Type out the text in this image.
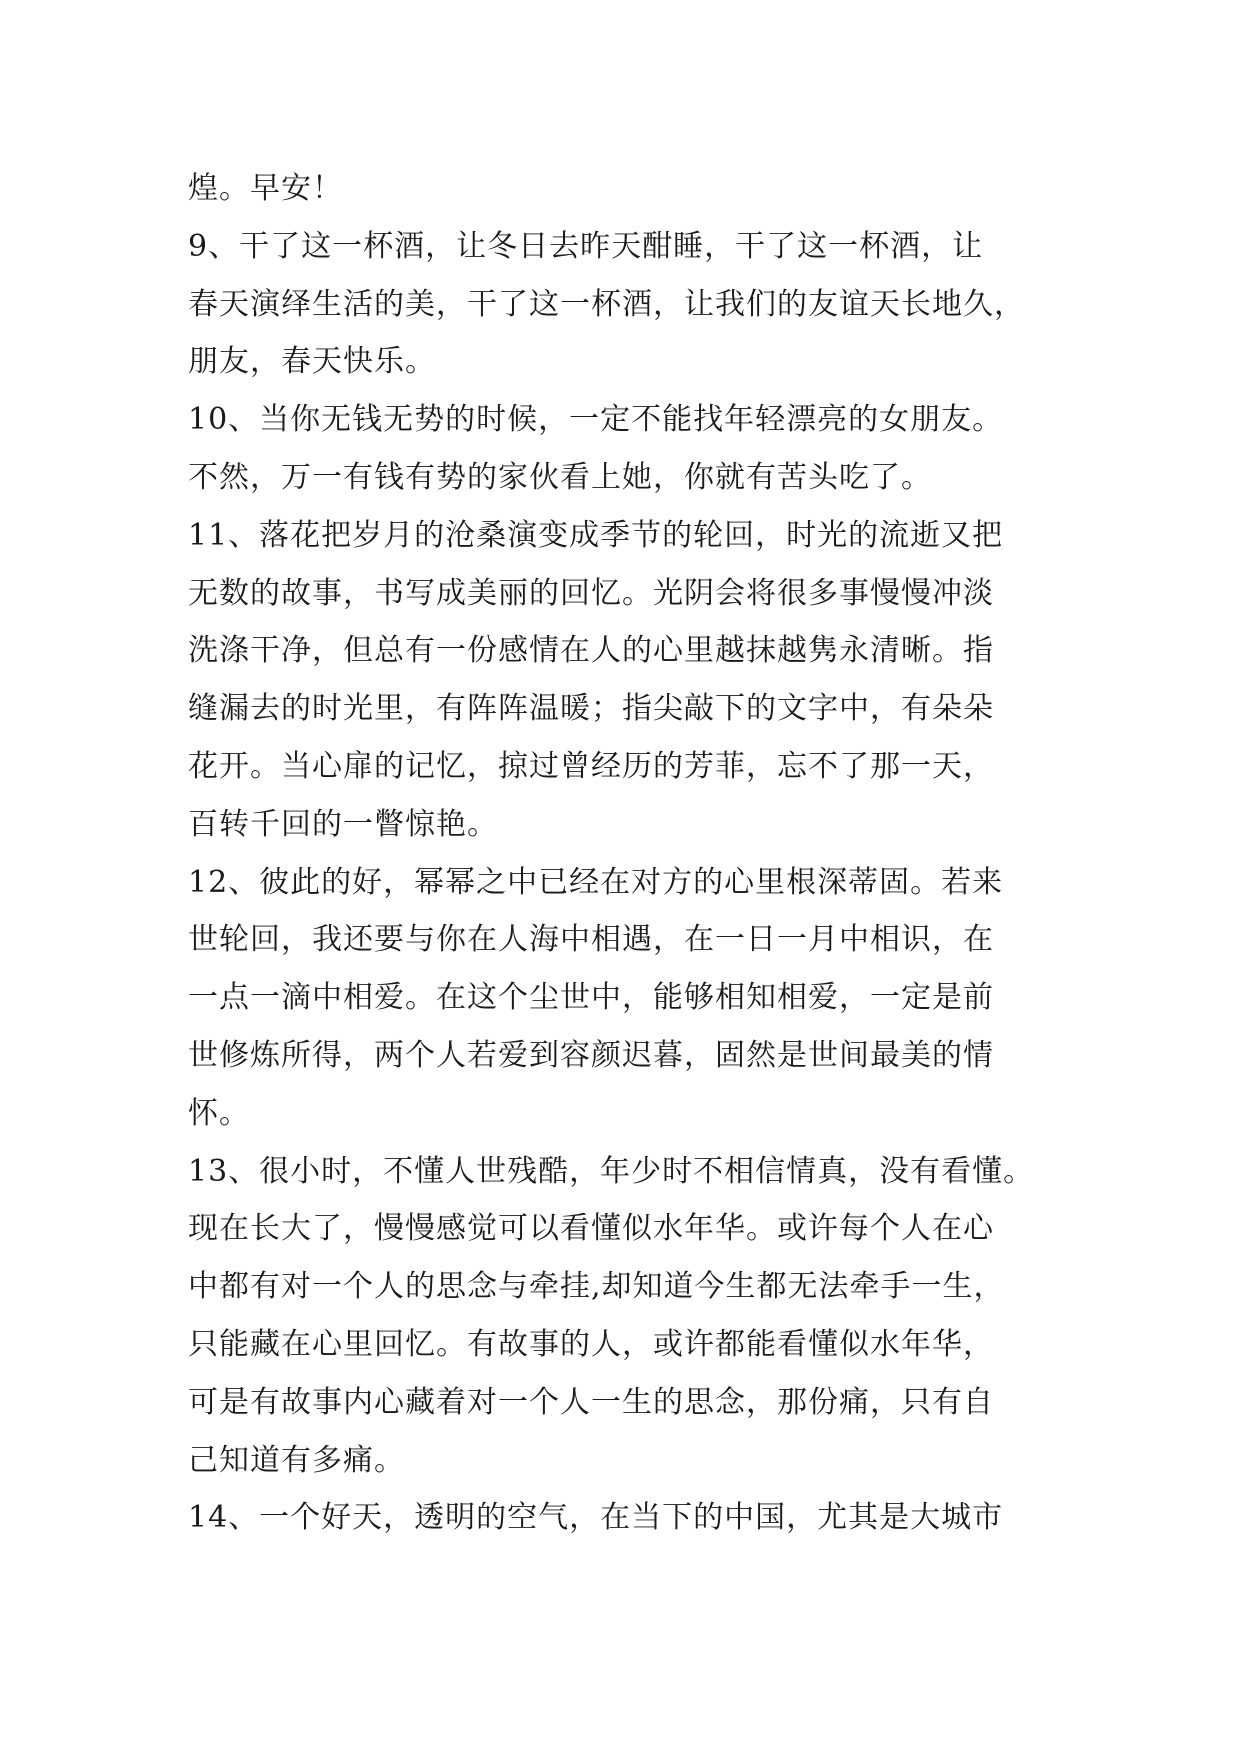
煌。早安！
9、干了这一杯酒，让冬日去昨天酣睡，干了这一杯酒，让
春天演绎生活的美，干了这一杯酒，让我们的友谊天长地久，
朋友，春天快乐。
10、当你无钱无势的时候，一定不能找年轻漂亮的女朋友。
不然，万一有钱有势的家伙看上她，你就有苦头吃了。
11、落花把岁月的沧桑演变成季节的轮回，时光的流逝又把
无数的故事，书写成美丽的回忆。光阴会将很多事慢慢冲淡
洗涤干净，但总有一份感情在人的心里越抹越隽永清晰。指
缝漏去的时光里，有阵阵温暖；指尖敲下的文字中，有朵朵
花开。当心扉的记忆，掠过曾经历的芳菲，忘不了那一天，
百转千回的一瞥惊艳。
12、彼此的好，幂幂之中已经在对方的心里根深蒂固。若来
世轮回，我还要与你在人海中相遇，在一日一月中相识，在
一点一滴中相爱。在这个尘世中，能够相知相爱，一定是前
世修炼所得，两个人若爱到容颜迟暮，固然是世间最美的情
怀。
13、很小时，不懂人世残酷，年少时不相信情真，没有看懂。
现在长大了，慢慢感觉可以看懂似水年华。或许每个人在心
中都有对一个人的思念与牵挂,却知道今生都无法牵手一生，
只能藏在心里回忆。有故事的人，或许都能看懂似水年华，
可是有故事内心藏着对一个人一生的思念，那份痛，只有自
己知道有多痛。
14、一个好天，透明的空气，在当下的中国，尤其是大城市
